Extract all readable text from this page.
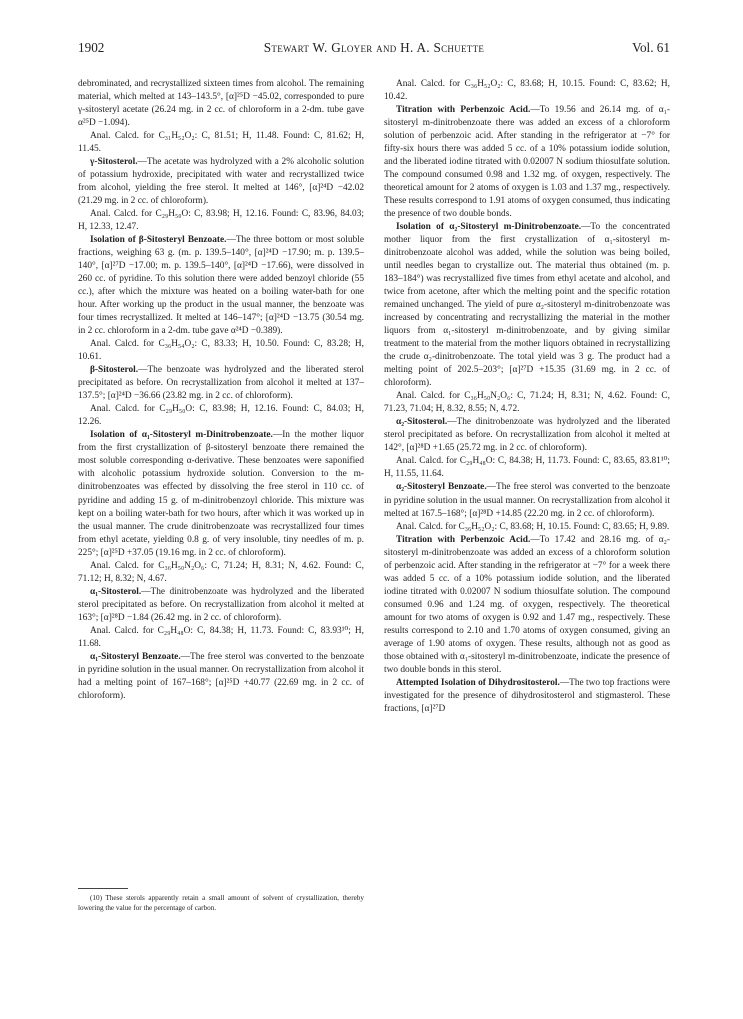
1902	Stewart W. Gloyer and H. A. Schuette	Vol. 61

debrominated, and recrystallized sixteen times from alcohol. The remaining material, which melted at 143–143.5°, [α]²⁵D −45.02, corresponded to pure γ-sitosteryl acetate (26.24 mg. in 2 cc. of chloroform in a 2-dm. tube gave α²⁵D −1.094).

Anal. Calcd. for C₃₁H₅₂O₂: C, 81.51; H, 11.48. Found: C, 81.62; H, 11.45.

γ-Sitosterol.—The acetate was hydrolyzed with a 2% alcoholic solution of potassium hydroxide, precipitated with water and recrystallized twice from alcohol, yielding the free sterol. It melted at 146°, [α]²⁴D −42.02 (21.29 mg. in 2 cc. of chloroform).

Anal. Calcd. for C₂₉H₅₀O: C, 83.98; H, 12.16. Found: C, 83.96, 84.03; H, 12.33, 12.47.

Isolation of β-Sitosteryl Benzoate.—The three bottom or most soluble fractions, weighing 63 g. (m. p. 139.5–140°, [α]²⁴D −17.90; m. p. 139.5–140°, [α]²⁷D −17.00; m. p. 139.5–140°, [α]²⁴D −17.66), were dissolved in 260 cc. of pyridine. To this solution there were added benzoyl chloride (55 cc.), after which the mixture was heated on a boiling water-bath for one hour. After working up the product in the usual manner, the benzoate was four times recrystallized. It melted at 146–147°; [α]²⁴D −13.75 (30.54 mg. in 2 cc. chloroform in a 2-dm. tube gave α²⁴D −0.389).

Anal. Calcd. for C₃₆H₅₄O₂: C, 83.33; H, 10.50. Found: C, 83.28; H, 10.61.

β-Sitosterol.—The benzoate was hydrolyzed and the liberated sterol precipitated as before. On recrystallization from alcohol it melted at 137–137.5°; [α]²⁴D −36.66 (23.82 mg. in 2 cc. of chloroform).

Anal. Calcd. for C₂₉H₅₀O: C, 83.98; H, 12.16. Found: C, 84.03; H, 12.26.

Isolation of α₁-Sitosteryl m-Dinitrobenzoate.—In the mother liquor from the first crystallization of β-sitosteryl benzoate there remained the most soluble corresponding α-derivative. These benzoates were saponified with alcoholic potassium hydroxide solution. Conversion to the m-dinitrobenzoates was effected by dissolving the free sterol in 110 cc. of pyridine and adding 15 g. of m-dinitrobenzoyl chloride. This mixture was kept on a boiling water-bath for two hours, after which it was worked up in the usual manner. The crude dinitrobenzoate was recrystallized four times from ethyl acetate, yielding 0.8 g. of very insoluble, tiny needles of m. p. 225°; [α]²⁵D +37.05 (19.16 mg. in 2 cc. of chloroform).

Anal. Calcd. for C₃₆H₅₀N₂O₆: C, 71.24; H, 8.31; N, 4.62. Found: C, 71.12; H, 8.32; N, 4.67.

α₁-Sitosterol.—The dinitrobenzoate was hydrolyzed and the liberated sterol precipitated as before. On recrystallization from alcohol it melted at 163°; [α]²⁸D −1.84 (26.42 mg. in 2 cc. of chloroform).

Anal. Calcd. for C₂₉H₄₈O: C, 84.38; H, 11.73. Found: C, 83.93¹⁰; H, 11.68.

α₁-Sitosteryl Benzoate.—The free sterol was converted to the benzoate in pyridine solution in the usual manner. On recrystallization from alcohol it had a melting point of 167–168°; [α]²⁵D +40.77 (22.69 mg. in 2 cc. of chloroform).

Anal. Calcd. for C₃₆H₅₂O₂: C, 83.68; H, 10.15. Found: C, 83.62; H, 10.42.

Titration with Perbenzoic Acid.—To 19.56 and 26.14 mg. of α₁-sitosteryl m-dinitrobenzoate there was added an excess of a chloroform solution of perbenzoic acid. After standing in the refrigerator at −7° for fifty-six hours there was added 5 cc. of a 10% potassium iodide solution, and the liberated iodine titrated with 0.02007 N sodium thiosulfate solution. The compound consumed 0.98 and 1.32 mg. of oxygen, respectively. The theoretical amount for 2 atoms of oxygen is 1.03 and 1.37 mg., respectively. These results correspond to 1.91 atoms of oxygen consumed, thus indicating the presence of two double bonds.

Isolation of α₂-Sitosteryl m-Dinitrobenzoate.—To the concentrated mother liquor from the first crystallization of α₁-sitosteryl m-dinitrobenzoate alcohol was added, while the solution was being boiled, until needles began to crystallize out. The material thus obtained (m. p. 183–184°) was recrystallized five times from ethyl acetate and alcohol, and twice from acetone, after which the melting point and the specific rotation remained unchanged. The yield of pure α₂-sitosteryl m-dinitrobenzoate was increased by concentrating and recrystallizing the material in the mother liquors from α₁-sitosteryl m-dinitrobenzoate, and by giving similar treatment to the material from the mother liquors obtained in recrystallizing the crude α₂-dinitrobenzoate. The total yield was 3 g. The product had a melting point of 202.5–203°; [α]²⁷D +15.35 (31.69 mg. in 2 cc. of chloroform).

Anal. Calcd. for C₃₆H₅₀N₂O₆: C, 71.24; H, 8.31; N, 4.62. Found: C, 71.23, 71.04; H, 8.32, 8.55; N, 4.72.

α₂-Sitosterol.—The dinitrobenzoate was hydrolyzed and the liberated sterol precipitated as before. On recrystallization from alcohol it melted at 142°, [α]²⁸D +1.65 (25.72 mg. in 2 cc. of chloroform).

Anal. Calcd. for C₂₉H₄₈O: C, 84.38; H, 11.73. Found: C, 83.65, 83.81¹⁰; H, 11.55, 11.64.

α₂-Sitosteryl Benzoate.—The free sterol was converted to the benzoate in pyridine solution in the usual manner. On recrystallization from alcohol it melted at 167.5–168°; [α]²⁸D +14.85 (22.20 mg. in 2 cc. of chloroform).

Anal. Calcd. for C₃₆H₅₂O₂: C, 83.68; H, 10.15. Found: C, 83.65; H, 9.89.

Titration with Perbenzoic Acid.—To 17.42 and 28.16 mg. of α₂-sitosteryl m-dinitrobenzoate was added an excess of a chloroform solution of perbenzoic acid. After standing in the refrigerator at −7° for a week there was added 5 cc. of a 10% potassium iodide solution, and the liberated iodine titrated with 0.02007 N sodium thiosulfate solution. The compound consumed 0.96 and 1.24 mg. of oxygen, respectively. The theoretical amount for two atoms of oxygen is 0.92 and 1.47 mg., respectively. These results correspond to 2.10 and 1.70 atoms of oxygen consumed, giving an average of 1.90 atoms of oxygen. These results, although not as good as those obtained with α₁-sitosteryl m-dinitrobenzoate, indicate the presence of two double bonds in this sterol.

Attempted Isolation of Dihydrositosterol.—The two top fractions were investigated for the presence of dihydrositosterol and stigmasterol. These fractions, [α]²⁷D

(10) These sterols apparently retain a small amount of solvent of crystallization, thereby lowering the value for the percentage of carbon.
